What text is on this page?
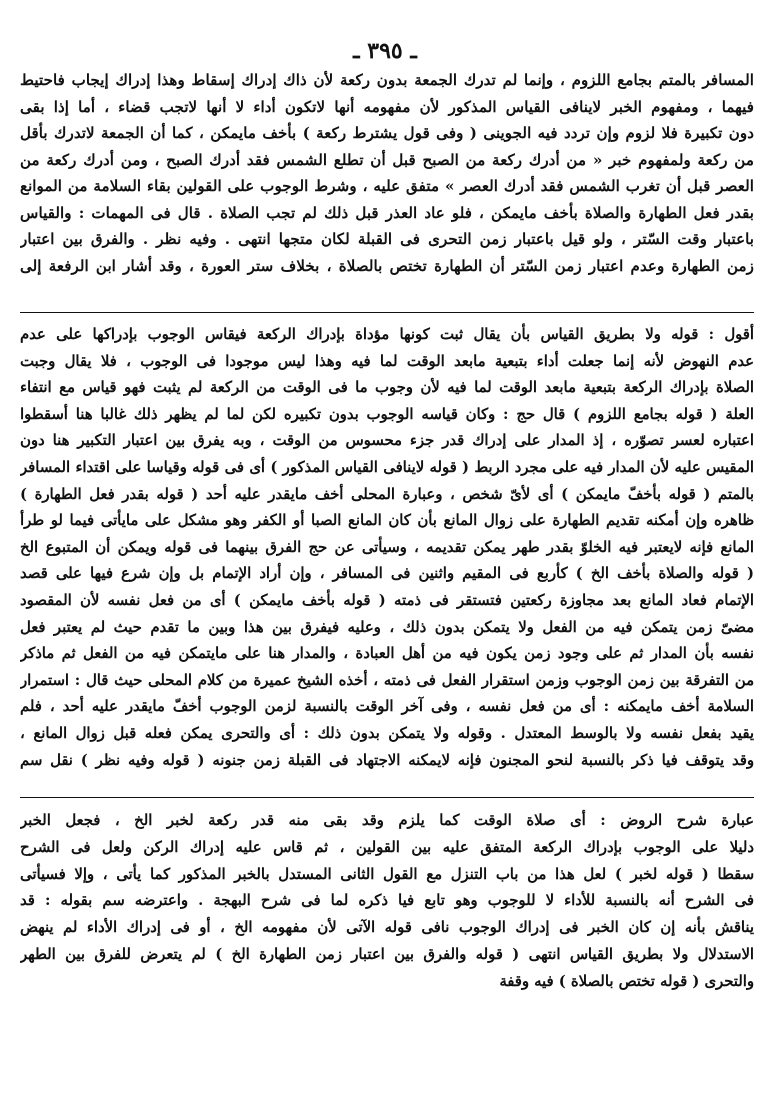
ـ ٣٩٥ ـ
المسافر بالمتم بجامع اللزوم ، وإنما لم تدرك الجمعة بدون ركعة لأن ذاك إدراك إسقاط وهذا إدراك إيجاب فاحتيط
فيهما ، ومفهوم الخبر لاينافى القياس المذكور لأن مفهومه أنها لاتكون أداء لا أنها لاتجب قضاء ، أما إذا بقى
دون تكبيرة فلا لزوم وإن تردد فيه الجوينى ( وفى قول يشترط ركعة ) بأخف مايمكن ، كما أن الجمعة لاتدرك بأقل
من ركعة ولمفهوم خبر « من أدرك ركعة من الصبح قبل أن تطلع الشمس فقد أدرك الصبح ، ومن أدرك ركعة من
العصر قبل أن تغرب الشمس فقد أدرك العصر » متفق عليه ، وشرط الوجوب على القولين بقاء السلامة من الموانع
بقدر فعل الطهارة والصلاة بأخف مايمكن ، فلو عاد العذر قبل ذلك لم تجب الصلاة . قال فى المهمات : والقياس
باعتبار وقت السّتر ، ولو قيل باعتبار زمن التحرى فى القبلة لكان متجها انتهى . وفيه نظر . والفرق بين اعتبار
زمن الطهارة وعدم اعتبار زمن السّتر أن الطهارة تختص بالصلاة ، بخلاف ستر العورة ، وقد أشار ابن الرفعة إلى
أقول : قوله ولا بطريق القياس بأن يقال ثبت كونها مؤداة بإدراك الركعة فيقاس الوجوب بإدراكها على عدم
عدم النهوض لأنه إنما جعلت أداء بتبعية مابعد الوقت لما فيه وهذا ليس موجودا فى الوجوب ، فلا يقال وجبت
الصلاة بإدراك الركعة بتبعية مابعد الوقت لما فيه لأن وجوب ما فى الوقت من الركعة لم يثبت فهو قياس مع انتفاء
العلة ( قوله بجامع اللزوم ) قال حج : وكان قياسه الوجوب بدون تكبيره لكن لما لم يظهر ذلك غالبا هنا أسقطوا
اعتباره لعسر تصوّره ، إذ المدار على إدراك قدر جزء محسوس من الوقت ، وبه يفرق بين اعتبار التكبير هنا دون
المقيس عليه لأن المدار فيه على مجرد الربط ( قوله لاينافى القياس المذكور ) أى فى قوله وقياسا على اقتداء المسافر
بالمتم ( قوله بأخفّ مايمكن ) أى لأىّ شخص ، وعبارة المحلى أخف مايقدر عليه أحد ( قوله بقدر فعل الطهارة )
ظاهره وإن أمكنه تقديم الطهارة على زوال المانع بأن كان المانع الصبا أو الكفر وهو مشكل على مايأتى فيما لو طرأ
المانع فإنه لايعتبر فيه الخلوّ بقدر طهر يمكن تقديمه ، وسيأتى عن حج الفرق بينهما فى قوله ويمكن أن المتبوع الخ
( قوله والصلاة بأخف الخ ) كأربع فى المقيم واثنين فى المسافر ، وإن أراد الإتمام بل وإن شرع فيها على قصد
الإتمام فعاد المانع بعد مجاوزة ركعتين فتستقر فى ذمته ( قوله بأخف مايمكن ) أى من فعل نفسه لأن المقصود
مضىّ زمن يتمكن فيه من الفعل ولا يتمكن بدون ذلك ، وعليه فيفرق بين هذا وبين ما تقدم حيث لم يعتبر فعل
نفسه بأن المدار ثم على وجود زمن يكون فيه من أهل العبادة ، والمدار هنا على مايتمكن فيه من الفعل ثم ماذكر
من التفرقة بين زمن الوجوب وزمن استقرار الفعل فى ذمته ، أخذه الشيخ عميرة من كلام المحلى حيث قال : استمرار
السلامة أخف مايمكنه : أى من فعل نفسه ، وفى آخر الوقت بالنسبة لزمن الوجوب أخفّ مايقدر عليه أحد ، فلم
يقيد بفعل نفسه ولا بالوسط المعتدل . وقوله ولا يتمكن بدون ذلك : أى والتحرى يمكن فعله قبل زوال المانع ،
وقد يتوقف فيا ذكر بالنسبة لنحو المجنون فإنه لايمكنه الاجتهاد فى القبلة زمن جنونه ( قوله وفيه نظر ) نقل سم
عبارة شرح الروض : أى صلاة الوقت كما يلزم وقد بقى منه قدر ركعة لخبر الخ ، فجعل الخبر
دليلا على الوجوب بإدراك الركعة المتفق عليه بين القولين ، ثم قاس عليه إدراك الركن ولعل فى الشرح
سقطا ( قوله لخبر ) لعل هذا من باب التنزل مع القول الثانى المستدل بالخبر المذكور كما يأتى ، وإلا فسيأتى
فى الشرح أنه بالنسبة للأداء لا للوجوب وهو تابع فيا ذكره لما فى شرح البهجة . واعترضه سم بقوله : قد
يناقش بأنه إن كان الخبر فى إدراك الوجوب نافى قوله الآتى لأن مفهومه الخ ، أو فى إدراك الأداء لم ينهض
الاستدلال ولا بطريق القياس انتهى ( قوله والفرق بين اعتبار زمن الطهارة الخ ) لم يتعرض للفرق بين الطهر
والتحرى ( قوله تختص بالصلاة ) فيه وقفة
